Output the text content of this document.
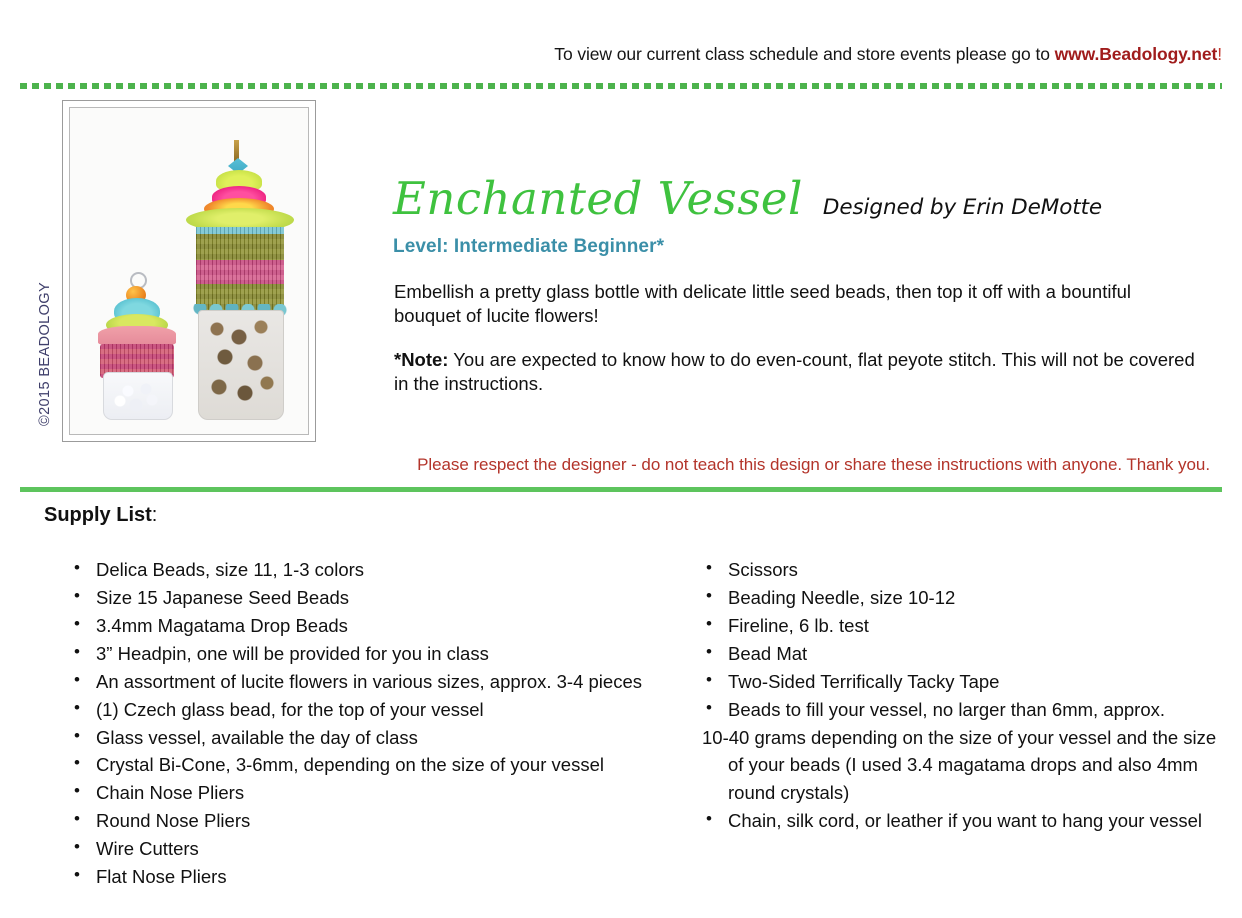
To view our current class schedule and store events please go to www.Beadology.net!
©2015 BEADOLOGY
Enchanted Vessel Designed by Erin DeMotte
Level: Intermediate Beginner*
Embellish a pretty glass bottle with delicate little seed beads, then top it off with a bountiful bouquet of lucite flowers!
*Note: You are expected to know how to do even-count, flat peyote stitch. This will not be covered in the instructions.
Please respect the designer - do not teach this design or share these instructions with anyone. Thank you.
Supply List:
• Delica Beads, size 11, 1-3 colors
• Size 15 Japanese Seed Beads
• 3.4mm Magatama Drop Beads
• 3” Headpin, one will be provided for you in class
• An assortment of lucite flowers in various sizes, approx. 3-4 pieces
• (1) Czech glass bead, for the top of your vessel
• Glass vessel, available the day of class
• Crystal Bi-Cone, 3-6mm, depending on the size of your vessel
• Chain Nose Pliers
• Round Nose Pliers
• Wire Cutters
• Flat Nose Pliers
• Scissors
• Beading Needle, size 10-12
• Fireline, 6 lb. test
• Bead Mat
• Two-Sided Terrifically Tacky Tape
• Beads to fill your vessel, no larger than 6mm, approx.
10-40 grams depending on the size of your vessel and the size of your beads (I used 3.4 magatama drops and also 4mm round crystals)
• Chain, silk cord, or leather if you want to hang your vessel
